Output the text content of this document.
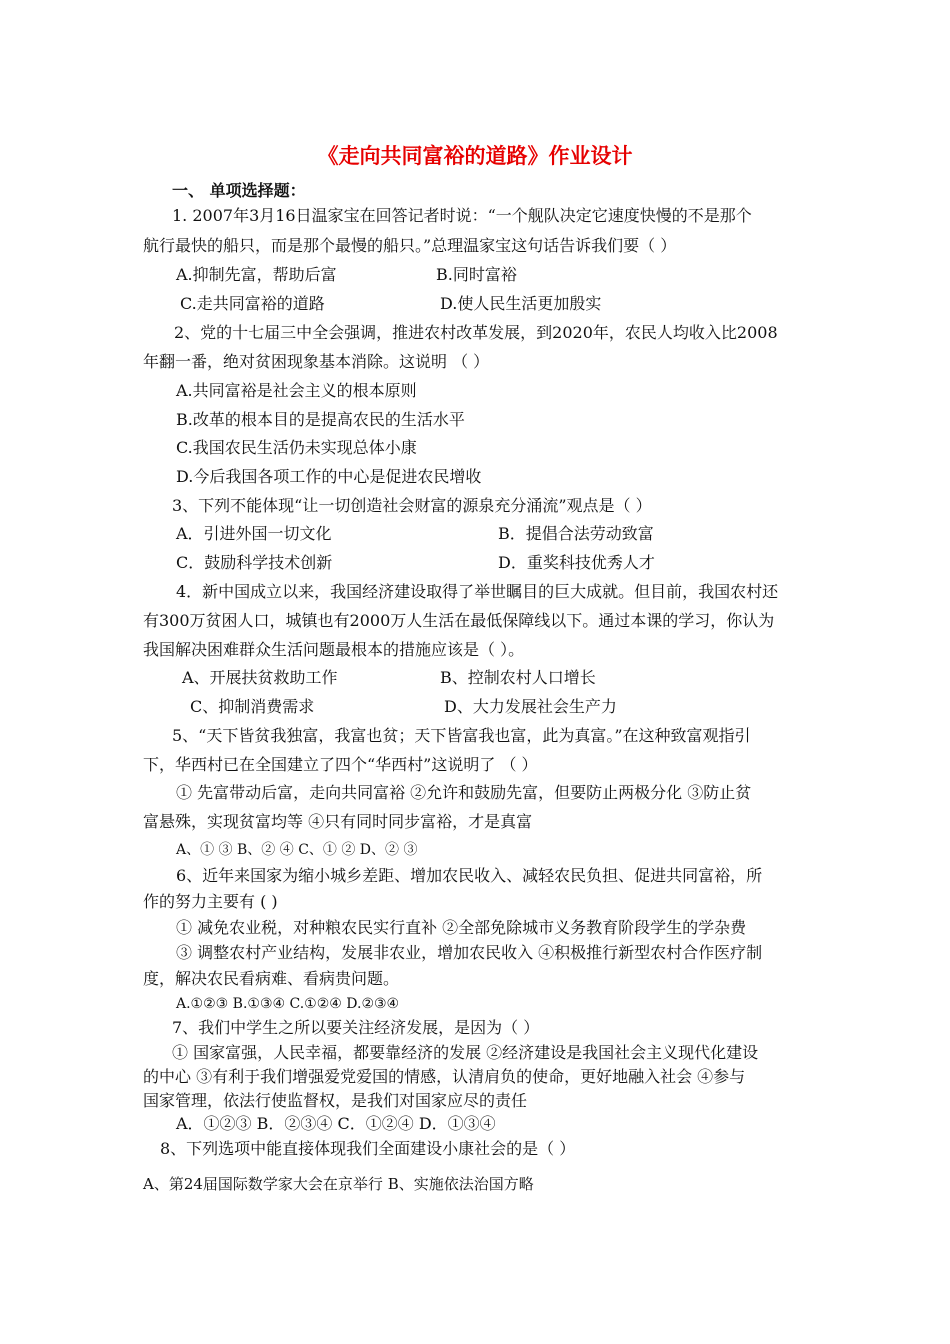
《走向共同富裕的道路》作业设计
一、 单项选择题：
1. 2007年3月16日温家宝在回答记者时说：“一个舰队决定它速度快慢的不是那个
航行最快的船只，而是那个最慢的船只。”总理温家宝这句话告诉我们要（ ）
A.抑制先富，帮助后富	B.同时富裕
C.走共同富裕的道路	D.使人民生活更加殷实
2、党的十七届三中全会强调，推进农村改革发展，到2020年，农民人均收入比2008
年翻一番，绝对贫困现象基本消除。这说明 （ ）
A.共同富裕是社会主义的根本原则
B.改革的根本目的是提高农民的生活水平
C.我国农民生活仍未实现总体小康
D.今后我国各项工作的中心是促进农民增收
3、下列不能体现“让一切创造社会财富的源泉充分涌流”观点是（ ）
A．引进外国一切文化	B．提倡合法劳动致富
C．鼓励科学技术创新	D．重奖科技优秀人才
4．新中国成立以来，我国经济建设取得了举世瞩目的巨大成就。但目前，我国农村还
有300万贫困人口，城镇也有2000万人生活在最低保障线以下。通过本课的学习，你认为
我国解决困难群众生活问题最根本的措施应该是（ ）。
A、开展扶贫救助工作	B、控制农村人口增长
C、抑制消费需求	D、大力发展社会生产力
5、“天下皆贫我独富，我富也贫；天下皆富我也富，此为真富。”在这种致富观指引
下，华西村已在全国建立了四个“华西村”这说明了 （ ）
① 先富带动后富，走向共同富裕 ②允许和鼓励先富，但要防止两极分化 ③防止贫
富悬殊，实现贫富均等 ④只有同时同步富裕，才是真富
A、① ③ B、② ④ C、① ② D、② ③
6、近年来国家为缩小城乡差距、增加农民收入、减轻农民负担、促进共同富裕，所
作的努力主要有 ( )
① 减免农业税，对种粮农民实行直补 ②全部免除城市义务教育阶段学生的学杂费
③ 调整农村产业结构，发展非农业，增加农民收入 ④积极推行新型农村合作医疗制
度，解决农民看病难、看病贵问题。
A.①②③ B.①③④ C.①②④ D.②③④
7、我们中学生之所以要关注经济发展，是因为（ ）
① 国家富强，人民幸福，都要靠经济的发展 ②经济建设是我国社会主义现代化建设
的中心 ③有利于我们增强爱党爱国的情感，认清肩负的使命，更好地融入社会 ④参与
国家管理，依法行使监督权，是我们对国家应尽的责任
A．①②③ B．②③④ C．①②④ D．①③④
8、下列选项中能直接体现我们全面建设小康社会的是（ ）
A、第24届国际数学家大会在京举行 B、实施依法治国方略
